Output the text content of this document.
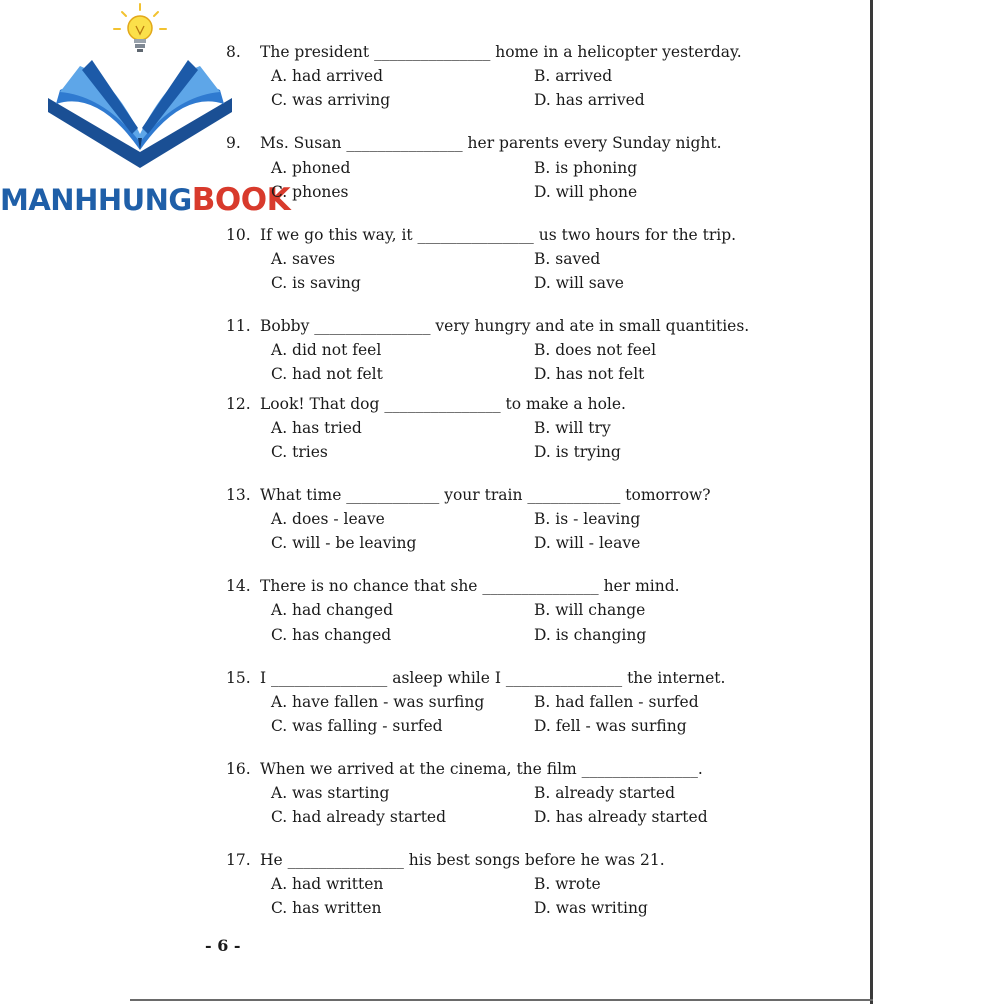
MANHHUNGBOOK
8. The president _______________ home in a helicopter yesterday.
A. had arrived	B. arrived
C. was arriving	D. has arrived
9. Ms. Susan _______________ her parents every Sunday night.
A. phoned	B. is phoning
C. phones	D. will phone
10. If we go this way, it _______________ us two hours for the trip.
A. saves	B. saved
C. is saving	D. will save
11. Bobby _______________ very hungry and ate in small quantities.
A. did not feel	B. does not feel
C. had not felt	D. has not felt
12. Look! That dog _______________ to make a hole.
A. has tried	B. will try
C. tries	D. is trying
13. What time ____________ your train ____________ tomorrow?
A. does - leave	B. is - leaving
C. will - be leaving	D. will - leave
14. There is no chance that she _______________ her mind.
A. had changed	B. will change
C. has changed	D. is changing
15. I _______________ asleep while I _______________ the internet.
A. have fallen - was surfing	B. had fallen - surfed
C. was falling - surfed	D. fell - was surfing
16. When we arrived at the cinema, the film _______________.
A. was starting	B. already started
C. had already started	D. has already started
17. He _______________ his best songs before he was 21.
A. had written	B. wrote
C. has written	D. was writing
- 6 -
